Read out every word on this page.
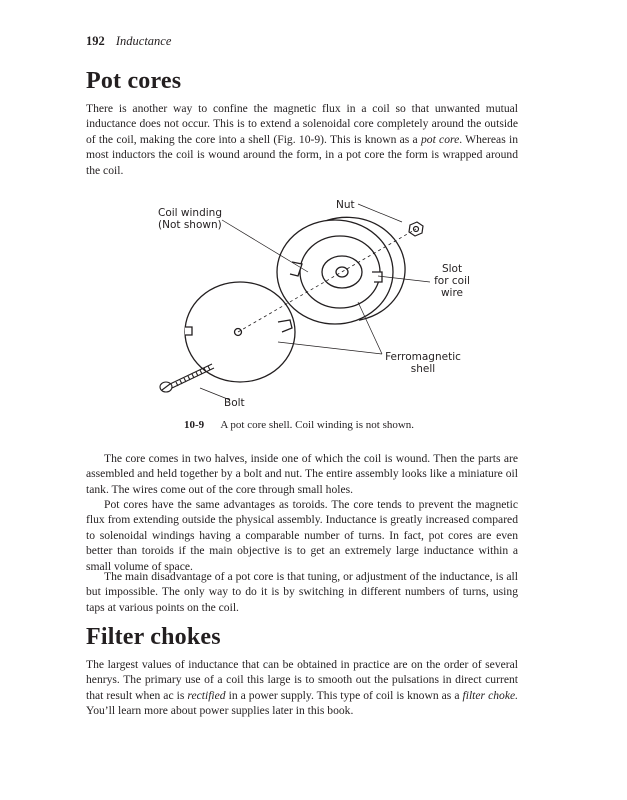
192 Inductance
Pot cores

There is another way to confine the magnetic flux in a coil so that unwanted mutual inductance does not occur. This is to extend a solenoidal core completely around the outside of the coil, making the core into a shell (Fig. 10-9). This is known as a pot core. Whereas in most inductors the coil is wound around the form, in a pot core the form is wrapped around the coil.

Coil winding
(Not shown)
Nut
Slot
for coil
wire
Ferromagnetic
shell
Bolt
10-9 A pot core shell. Coil winding is not shown.

The core comes in two halves, inside one of which the coil is wound. Then the parts are assembled and held together by a bolt and nut. The entire assembly looks like a miniature oil tank. The wires come out of the core through small holes.

Pot cores have the same advantages as toroids. The core tends to prevent the magnetic flux from extending outside the physical assembly. Inductance is greatly increased compared to solenoidal windings having a comparable number of turns. In fact, pot cores are even better than toroids if the main objective is to get an extremely large inductance within a small volume of space.

The main disadvantage of a pot core is that tuning, or adjustment of the inductance, is all but impossible. The only way to do it is by switching in different numbers of turns, using taps at various points on the coil.

Filter chokes

The largest values of inductance that can be obtained in practice are on the order of several henrys. The primary use of a coil this large is to smooth out the pulsations in direct current that result when ac is rectified in a power supply. This type of coil is known as a filter choke. You’ll learn more about power supplies later in this book.
